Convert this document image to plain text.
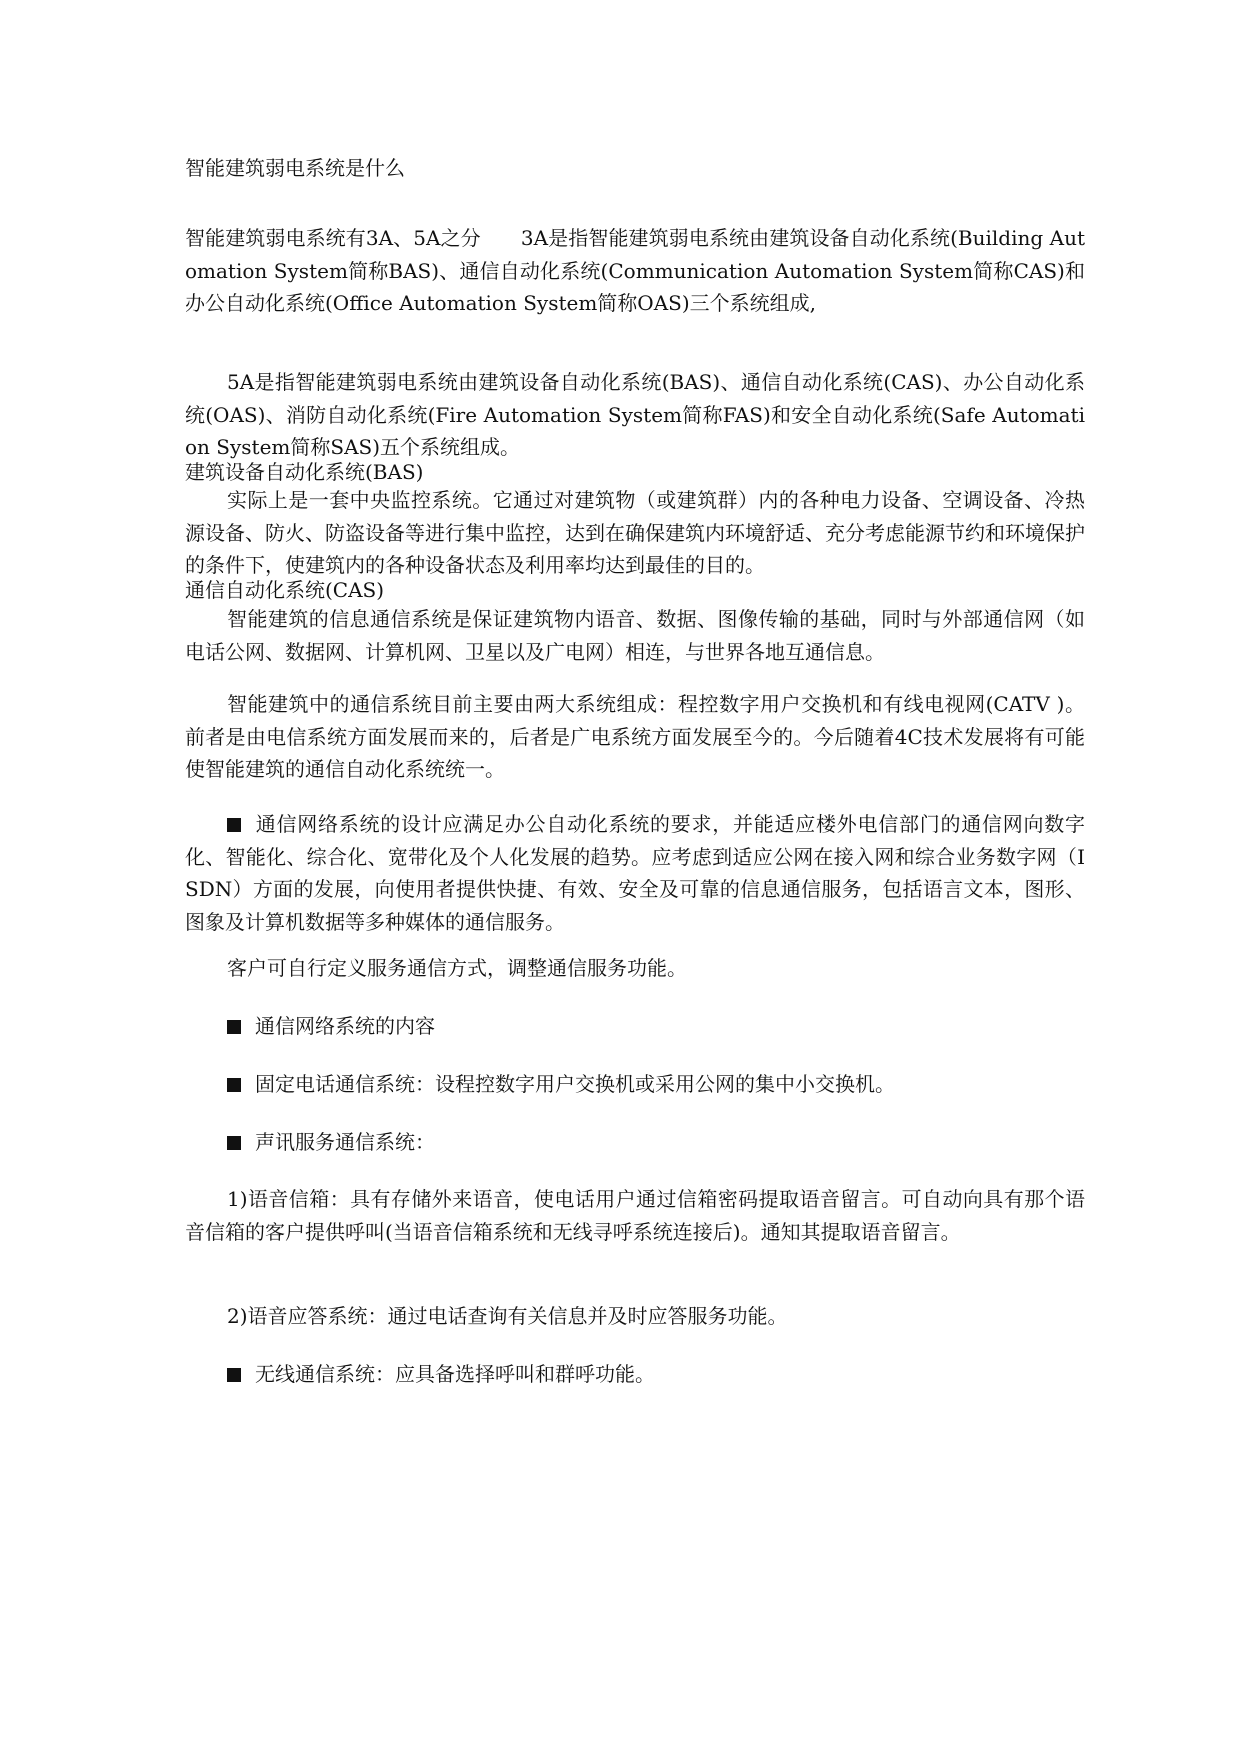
智能建筑弱电系统是什么

智能建筑弱电系统有3A、5A之分　　3A是指智能建筑弱电系统由建筑设备自动化系统(Building Automation System简称BAS)、通信自动化系统(Communication Automation System简称CAS)和办公自动化系统(Office Automation System简称OAS)三个系统组成,

5A是指智能建筑弱电系统由建筑设备自动化系统(BAS)、通信自动化系统(CAS)、办公自动化系统(OAS)、消防自动化系统(Fire Automation System简称FAS)和安全自动化系统(Safe Automation System简称SAS)五个系统组成。

建筑设备自动化系统(BAS)

实际上是一套中央监控系统。它通过对建筑物（或建筑群）内的各种电力设备、空调设备、冷热源设备、防火、防盗设备等进行集中监控，达到在确保建筑内环境舒适、充分考虑能源节约和环境保护的条件下，使建筑内的各种设备状态及利用率均达到最佳的目的。

通信自动化系统(CAS)

智能建筑的信息通信系统是保证建筑物内语音、数据、图像传输的基础，同时与外部通信网（如电话公网、数据网、计算机网、卫星以及广电网）相连，与世界各地互通信息。

智能建筑中的通信系统目前主要由两大系统组成：程控数字用户交换机和有线电视网(CATV )。前者是由电信系统方面发展而来的，后者是广电系统方面发展至今的。今后随着4C技术发展将有可能使智能建筑的通信自动化系统统一。

通信网络系统的设计应满足办公自动化系统的要求，并能适应楼外电信部门的通信网向数字化、智能化、综合化、宽带化及个人化发展的趋势。应考虑到适应公网在接入网和综合业务数字网（ISDN）方面的发展，向使用者提供快捷、有效、安全及可靠的信息通信服务，包括语言文本，图形、图象及计算机数据等多种媒体的通信服务。

客户可自行定义服务通信方式，调整通信服务功能。
通信网络系统的内容
固定电话通信系统：设程控数字用户交换机或采用公网的集中小交换机。
声讯服务通信系统：

1)语音信箱：具有存储外来语音，使电话用户通过信箱密码提取语音留言。可自动向具有那个语音信箱的客户提供呼叫(当语音信箱系统和无线寻呼系统连接后)。通知其提取语音留言。

2)语音应答系统：通过电话查询有关信息并及时应答服务功能。
无线通信系统：应具备选择呼叫和群呼功能。
